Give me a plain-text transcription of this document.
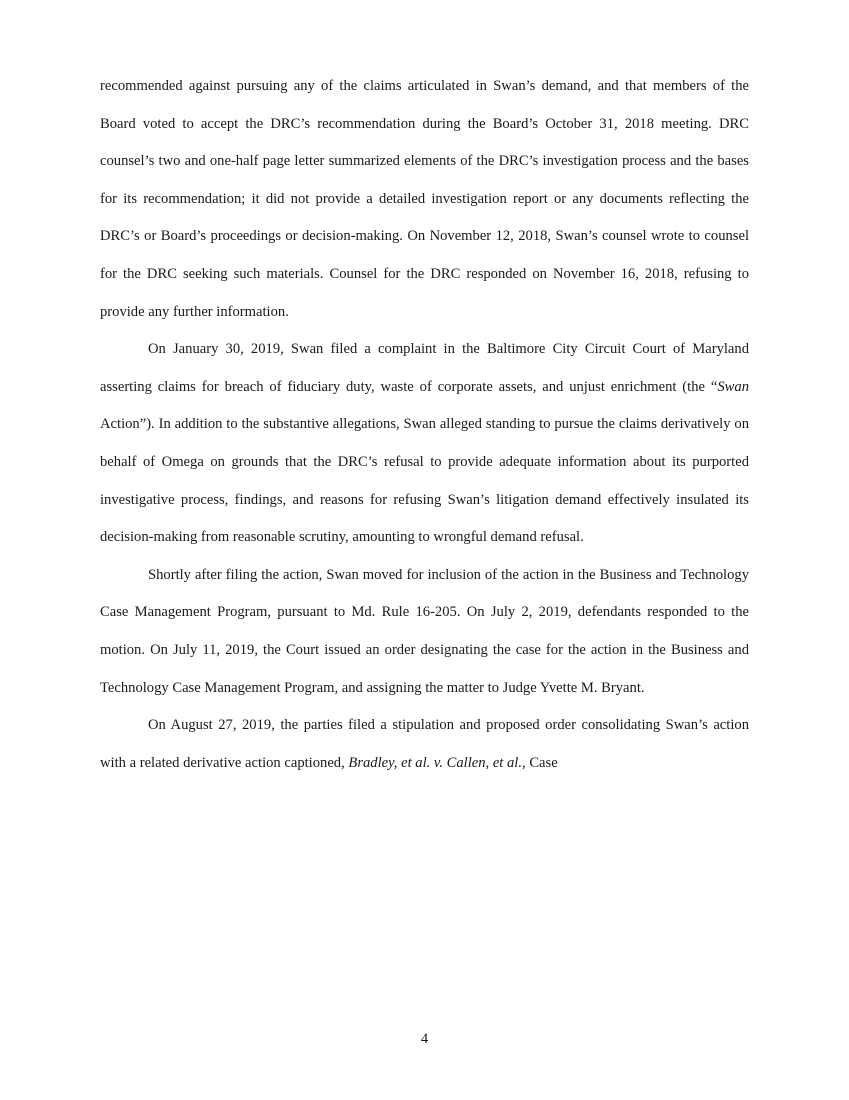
recommended against pursuing any of the claims articulated in Swan’s demand, and that members of the Board voted to accept the DRC’s recommendation during the Board’s October 31, 2018 meeting. DRC counsel’s two and one-half page letter summarized elements of the DRC’s investigation process and the bases for its recommendation; it did not provide a detailed investigation report or any documents reflecting the DRC’s or Board’s proceedings or decision-making. On November 12, 2018, Swan’s counsel wrote to counsel for the DRC seeking such materials. Counsel for the DRC responded on November 16, 2018, refusing to provide any further information.

On January 30, 2019, Swan filed a complaint in the Baltimore City Circuit Court of Maryland asserting claims for breach of fiduciary duty, waste of corporate assets, and unjust enrichment (the “Swan Action”). In addition to the substantive allegations, Swan alleged standing to pursue the claims derivatively on behalf of Omega on grounds that the DRC’s refusal to provide adequate information about its purported investigative process, findings, and reasons for refusing Swan’s litigation demand effectively insulated its decision-making from reasonable scrutiny, amounting to wrongful demand refusal.

Shortly after filing the action, Swan moved for inclusion of the action in the Business and Technology Case Management Program, pursuant to Md. Rule 16-205. On July 2, 2019, defendants responded to the motion. On July 11, 2019, the Court issued an order designating the case for the action in the Business and Technology Case Management Program, and assigning the matter to Judge Yvette M. Bryant.

On August 27, 2019, the parties filed a stipulation and proposed order consolidating Swan’s action with a related derivative action captioned, Bradley, et al. v. Callen, et al., Case

4
